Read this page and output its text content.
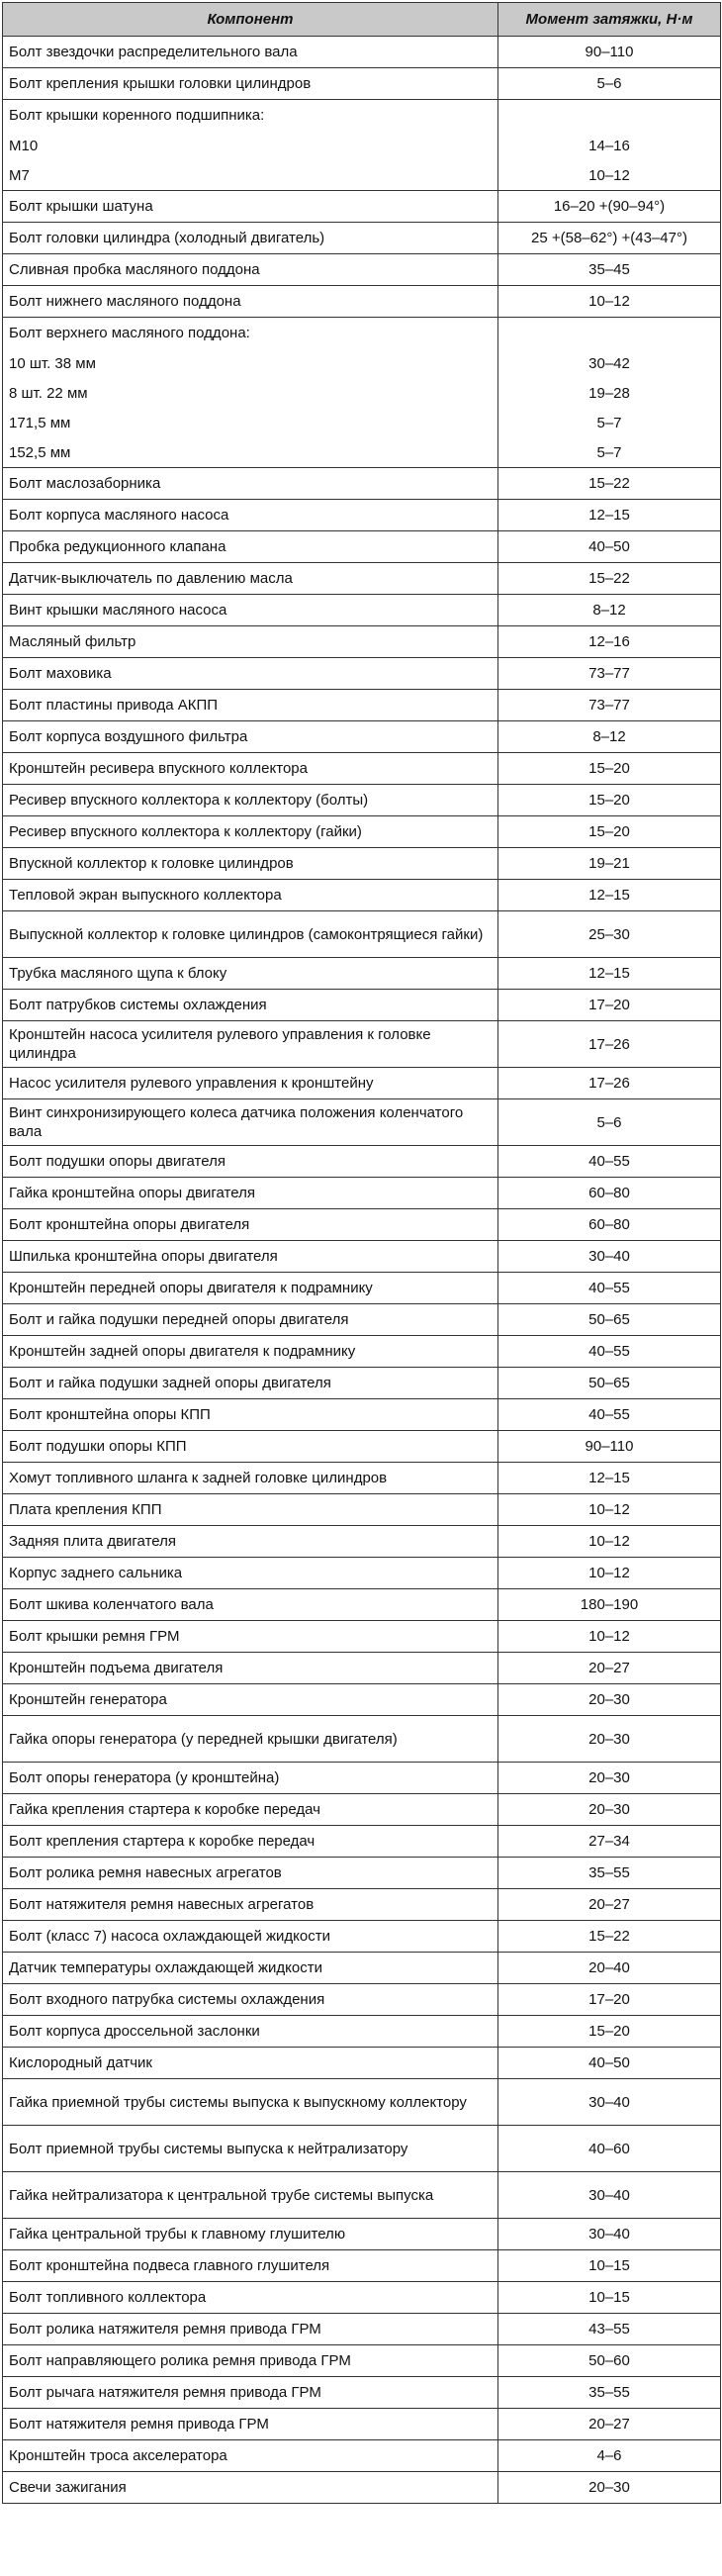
Компонент	Момент затяжки, Н·м
Болт звездочки распределительного вала	90–110
Болт крепления крышки головки цилиндров	5–6
Болт крышки коренного подшипника:	
М10	14–16
М7	10–12
Болт крышки шатуна	16–20 +(90–94°)
Болт головки цилиндра (холодный двигатель)	25 +(58–62°) +(43–47°)
Сливная пробка масляного поддона	35–45
Болт нижнего масляного поддона	10–12
Болт верхнего масляного поддона:	
10 шт. 38 мм	30–42
8 шт. 22 мм	19–28
171,5 мм	5–7
152,5 мм	5–7
Болт маслозаборника	15–22
Болт корпуса масляного насоса	12–15
Пробка редукционного клапана	40–50
Датчик-выключатель по давлению масла	15–22
Винт крышки масляного насоса	8–12
Масляный фильтр	12–16
Болт маховика	73–77
Болт пластины привода АКПП	73–77
Болт корпуса воздушного фильтра	8–12
Кронштейн ресивера впускного коллектора	15–20
Ресивер впускного коллектора к коллектору (болты)	15–20
Ресивер впускного коллектора к коллектору (гайки)	15–20
Впускной коллектор к головке цилиндров	19–21
Тепловой экран выпускного коллектора	12–15
Выпускной коллектор к головке цилиндров (самоконтрящиеся гайки)	25–30
Трубка масляного щупа к блоку	12–15
Болт патрубков системы охлаждения	17–20
Кронштейн насоса усилителя рулевого управления к головке цилиндра	17–26
Насос усилителя рулевого управления к кронштейну	17–26
Винт синхронизирующего колеса датчика положения коленчатого вала	5–6
Болт подушки опоры двигателя	40–55
Гайка кронштейна опоры двигателя	60–80
Болт кронштейна опоры двигателя	60–80
Шпилька кронштейна опоры двигателя	30–40
Кронштейн передней опоры двигателя к подрамнику	40–55
Болт и гайка подушки передней опоры двигателя	50–65
Кронштейн задней опоры двигателя к подрамнику	40–55
Болт и гайка подушки задней опоры двигателя	50–65
Болт кронштейна опоры КПП	40–55
Болт подушки опоры КПП	90–110
Хомут топливного шланга к задней головке цилиндров	12–15
Плата крепления КПП	10–12
Задняя плита двигателя	10–12
Корпус заднего сальника	10–12
Болт шкива коленчатого вала	180–190
Болт крышки ремня ГРМ	10–12
Кронштейн подъема двигателя	20–27
Кронштейн генератора	20–30
Гайка опоры генератора (у передней крышки двигателя)	20–30
Болт опоры генератора (у кронштейна)	20–30
Гайка крепления стартера к коробке передач	20–30
Болт крепления стартера к коробке передач	27–34
Болт ролика ремня навесных агрегатов	35–55
Болт натяжителя ремня навесных агрегатов	20–27
Болт (класс 7) насоса охлаждающей жидкости	15–22
Датчик температуры охлаждающей жидкости	20–40
Болт входного патрубка системы охлаждения	17–20
Болт корпуса дроссельной заслонки	15–20
Кислородный датчик	40–50
Гайка приемной трубы системы выпуска к выпускному коллектору	30–40
Болт приемной трубы системы выпуска к нейтрализатору	40–60
Гайка нейтрализатора к центральной трубе системы выпуска	30–40
Гайка центральной трубы к главному глушителю	30–40
Болт кронштейна подвеса главного глушителя	10–15
Болт топливного коллектора	10–15
Болт ролика натяжителя ремня привода ГРМ	43–55
Болт направляющего ролика ремня привода ГРМ	50–60
Болт рычага натяжителя ремня привода ГРМ	35–55
Болт натяжителя ремня привода ГРМ	20–27
Кронштейн троса акселератора	4–6
Свечи зажигания	20–30
